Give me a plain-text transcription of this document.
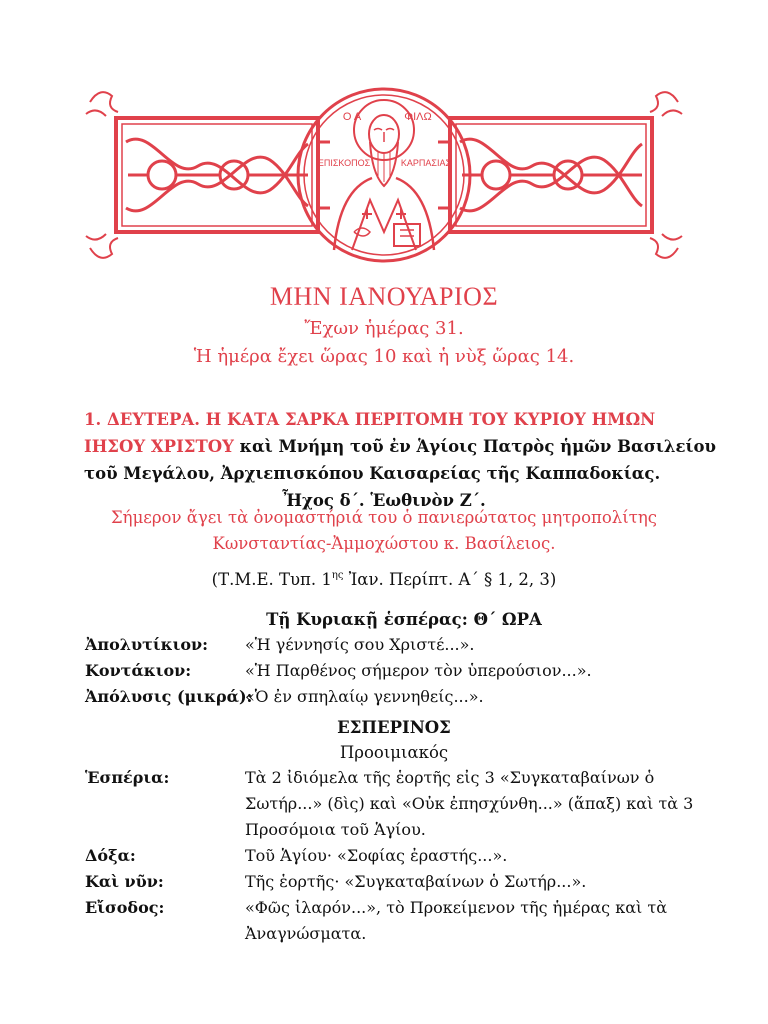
Ο Α	ΦΙΛΩ
ΕΠΙΣΚΟΠΟΣ	ΚΑΡΠΑΣΙΑΣ
ΜΗΝ ΙΑΝΟΥΑΡΙΟΣ
Ἔχων ἡμέρας 31.
Ἡ ἡμέρα ἔχει ὥρας 10 καὶ ἡ νὺξ ὥρας 14.
1. ΔΕΥΤΕΡΑ. Η ΚΑΤΑ ΣΑΡΚΑ ΠΕΡΙΤΟΜΗ ΤΟΥ ΚΥΡΙΟΥ ΗΜΩΝ
ΙΗΣΟΥ ΧΡΙΣΤΟΥ καὶ Μνήμη τοῦ ἐν Ἁγίοις Πατρὸς ἡμῶν Βασιλείου
τοῦ Μεγάλου, Ἀρχιεπισκόπου Καισαρείας τῆς Καππαδοκίας.
Ἦχος δ΄. Ἑωθινὸν Ζ΄.
Σήμερον ἄγει τὰ ὀνομαστήριά του ὁ πανιερώτατος μητροπολίτης
Κωνσταντίας-Ἀμμοχώστου κ. Βασίλειος.
(Τ.Μ.Ε. Τυπ. $1^{\eta\varsigma}$ Ἰαν. Περίπτ. Α΄ § 1, 2, 3)
Τῇ Κυριακῇ ἑσπέρας: Θ΄ ΩΡΑ
Ἀπολυτίκιον:	«Ἡ γέννησίς σου Χριστέ...».
Κοντάκιον:	«Ἡ Παρθένος σήμερον τὸν ὑπερούσιον...».
Ἀπόλυσις (μικρά):
«Ὁ ἐν σπηλαίῳ γεννηθείς...».
ΕΣΠΕΡΙΝΟΣ
Προοιμιακός
Ἑσπέρια:	Τὰ 2 ἰδιόμελα τῆς ἑορτῆς εἰς 3 «Συγκαταβαίνων ὁ Σωτήρ...» (δὶς) καὶ «Οὐκ ἐπησχύνθη...» (ἅπαξ) καὶ τὰ 3 Προσόμοια τοῦ Ἁγίου.
Δόξα:	Τοῦ Ἁγίου· «Σοφίας ἐραστής...».
Καὶ νῦν:	Τῆς ἑορτῆς· «Συγκαταβαίνων ὁ Σωτήρ...».
Εἴσοδος:	«Φῶς ἱλαρόν...», τὸ Προκείμενον τῆς ἡμέρας καὶ τὰ Ἀναγνώσματα.
